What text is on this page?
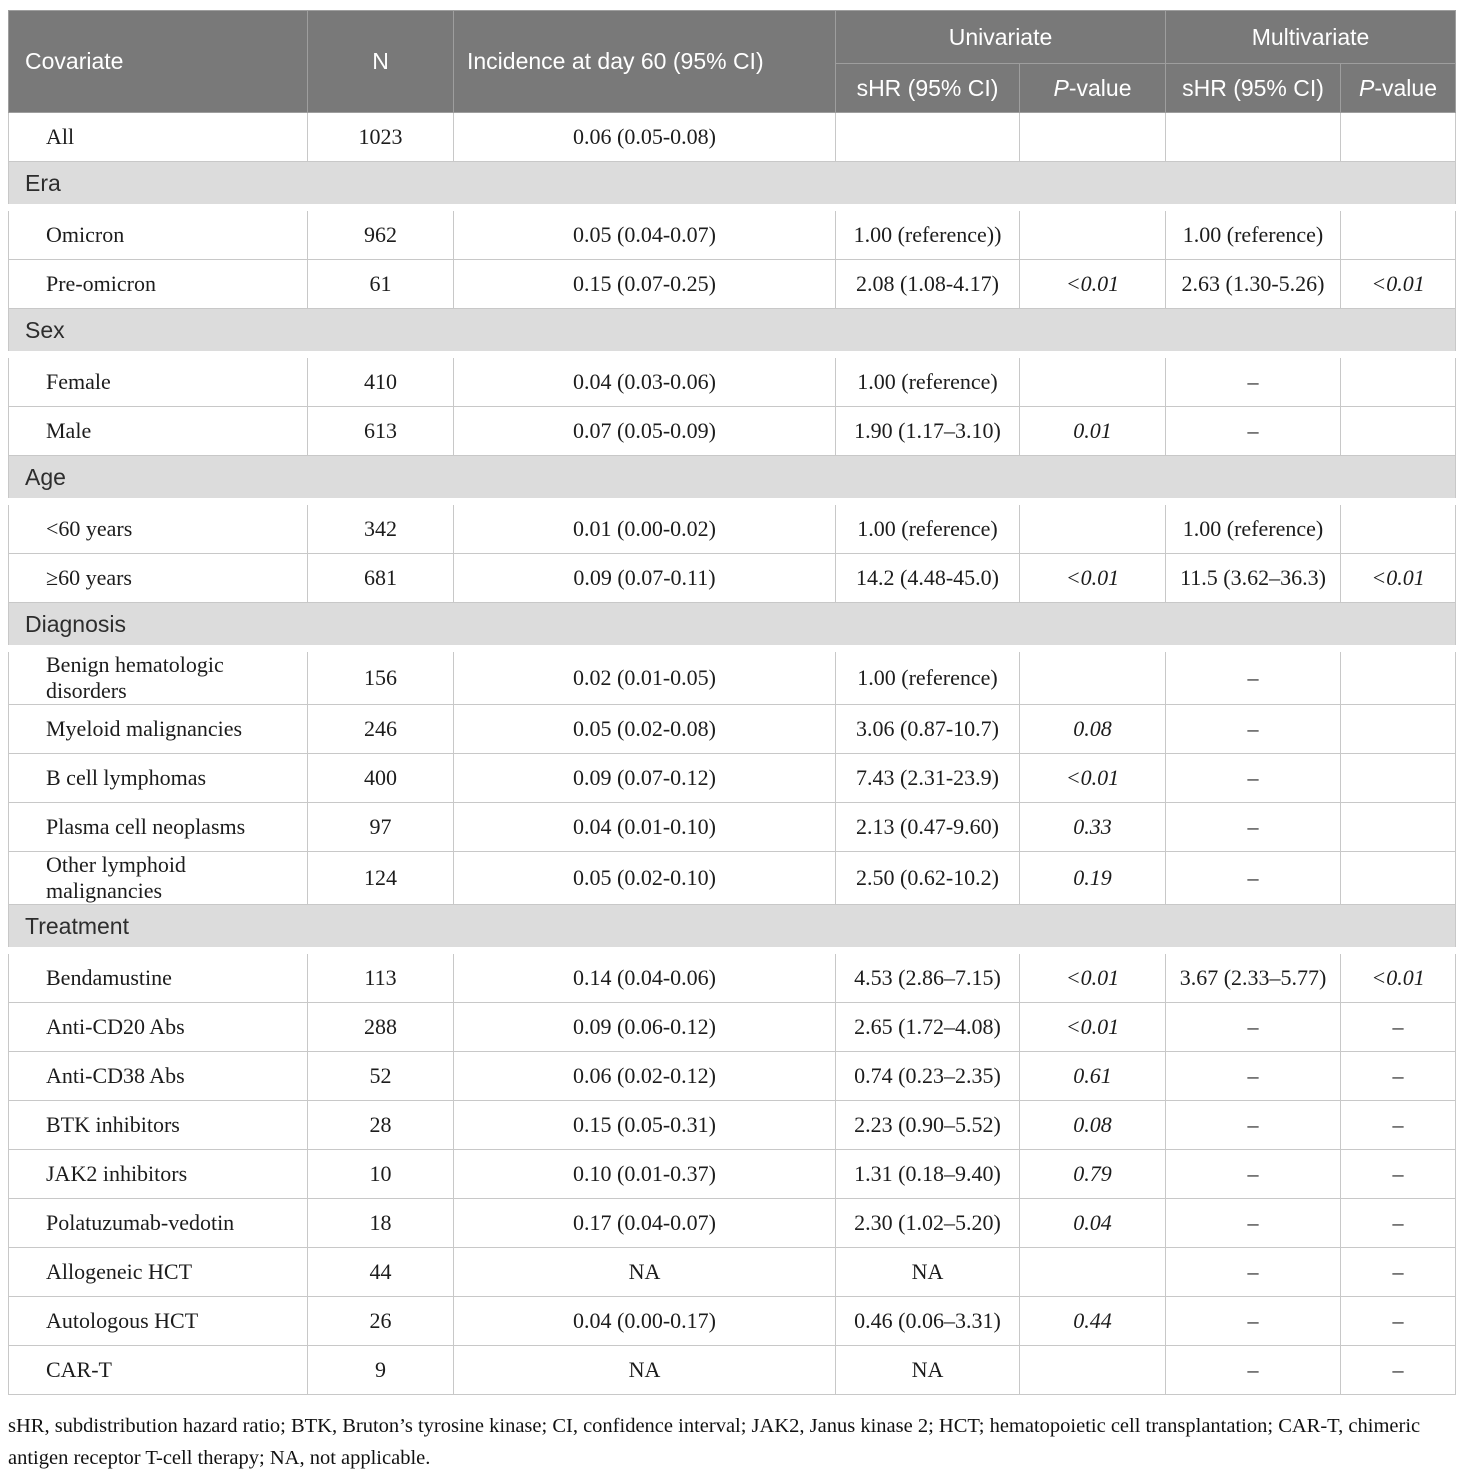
Covariate	N	Incidence at day 60 (95% CI)	Univariate		Multivariate	
			sHR (95% CI)	P-value	sHR (95% CI)	P-value
All	1023	0.06 (0.05-0.08)				
Era						
Omicron	962	0.05 (0.04-0.07)	1.00 (reference))		1.00 (reference)	
Pre-omicron	61	0.15 (0.07-0.25)	2.08 (1.08-4.17)	<0.01	2.63 (1.30-5.26)	<0.01
Sex						
Female	410	0.04 (0.03-0.06)	1.00 (reference)		–	
Male	613	0.07 (0.05-0.09)	1.90 (1.17–3.10)	0.01	–	
Age						
<60 years	342	0.01 (0.00-0.02)	1.00 (reference)		1.00 (reference)	
≥60 years	681	0.09 (0.07-0.11)	14.2 (4.48-45.0)	<0.01	11.5 (3.62–36.3)	<0.01
Diagnosis						
Benign hematologic disorders	156	0.02 (0.01-0.05)	1.00 (reference)		–	
Myeloid malignancies	246	0.05 (0.02-0.08)	3.06 (0.87-10.7)	0.08	–	
B cell lymphomas	400	0.09 (0.07-0.12)	7.43 (2.31-23.9)	<0.01	–	
Plasma cell neoplasms	97	0.04 (0.01-0.10)	2.13 (0.47-9.60)	0.33	–	
Other lymphoid malignancies	124	0.05 (0.02-0.10)	2.50 (0.62-10.2)	0.19	–	
Treatment						
Bendamustine	113	0.14 (0.04-0.06)	4.53 (2.86–7.15)	<0.01	3.67 (2.33–5.77)	<0.01
Anti-CD20 Abs	288	0.09 (0.06-0.12)	2.65 (1.72–4.08)	<0.01	–	–
Anti-CD38 Abs	52	0.06 (0.02-0.12)	0.74 (0.23–2.35)	0.61	–	–
BTK inhibitors	28	0.15 (0.05-0.31)	2.23 (0.90–5.52)	0.08	–	–
JAK2 inhibitors	10	0.10 (0.01-0.37)	1.31 (0.18–9.40)	0.79	–	–
Polatuzumab-vedotin	18	0.17 (0.04-0.07)	2.30 (1.02–5.20)	0.04	–	–
Allogeneic HCT	44	NA	NA		–	–
Autologous HCT	26	0.04 (0.00-0.17)	0.46 (0.06–3.31)	0.44	–	–
CAR-T	9	NA	NA		–	–
sHR, subdistribution hazard ratio; BTK, Bruton’s tyrosine kinase; CI, confidence interval; JAK2, Janus kinase 2; HCT; hematopoietic cell transplantation; CAR-T, chimeric antigen receptor T-cell therapy; NA, not applicable.
